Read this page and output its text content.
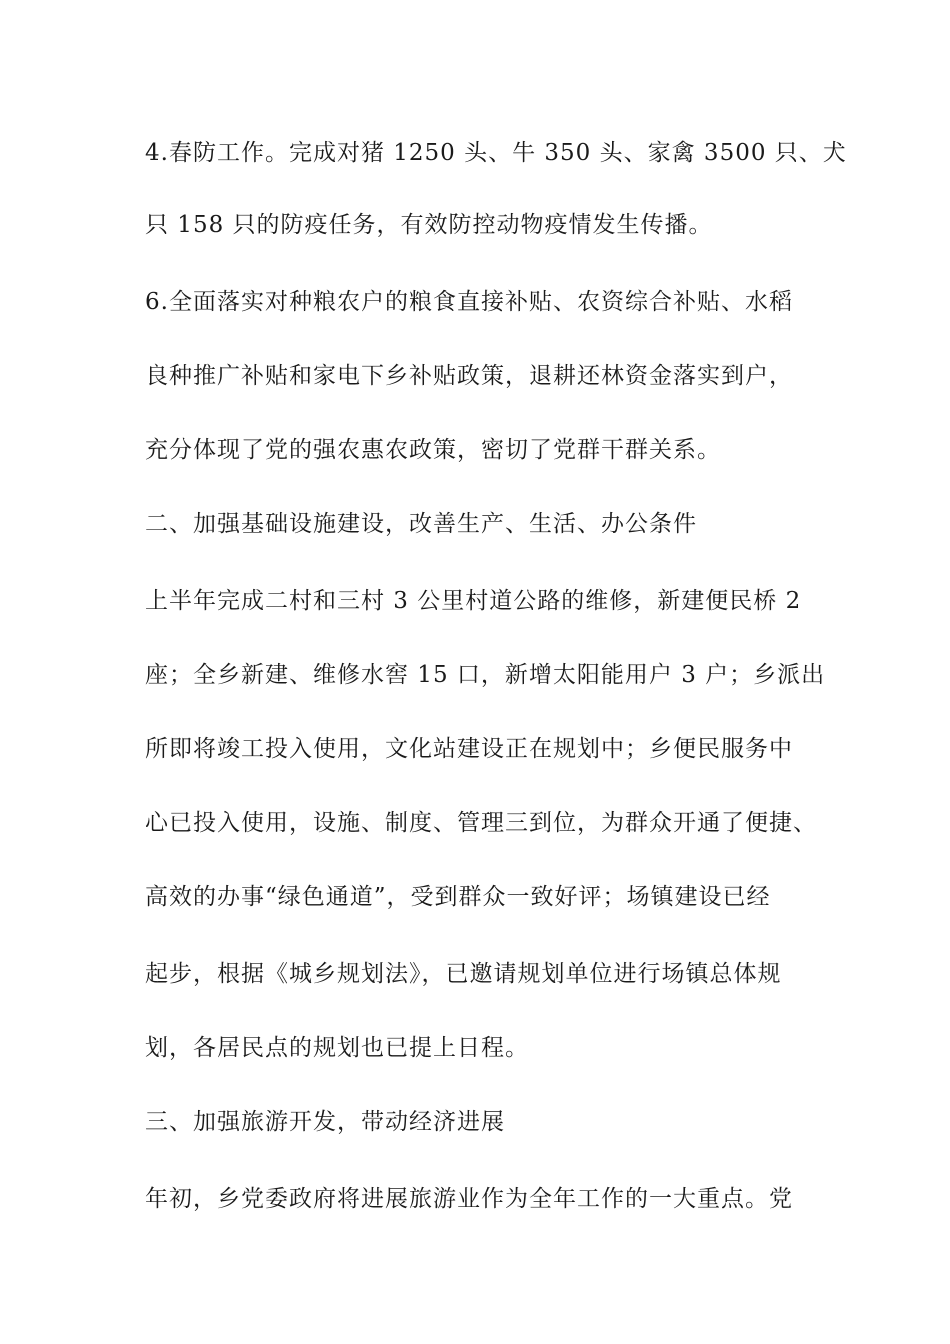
4.春防工作。完成对猪 1250 头、牛 350 头、家禽 3500 只、犬
只 158 只的防疫任务，有效防控动物疫情发生传播。
6.全面落实对种粮农户的粮食直接补贴、农资综合补贴、水稻
良种推广补贴和家电下乡补贴政策，退耕还林资金落实到户，
充分体现了党的强农惠农政策，密切了党群干群关系。
二、加强基础设施建设，改善生产、生活、办公条件
上半年完成二村和三村 3 公里村道公路的维修，新建便民桥 2
座；全乡新建、维修水窖 15 口，新增太阳能用户 3 户；乡派出
所即将竣工投入使用，文化站建设正在规划中；乡便民服务中
心已投入使用，设施、制度、管理三到位，为群众开通了便捷、
高效的办事“绿色通道”，受到群众一致好评；场镇建设已经
起步，根据《城乡规划法》，已邀请规划单位进行场镇总体规
划，各居民点的规划也已提上日程。
三、加强旅游开发，带动经济进展
年初，乡党委政府将进展旅游业作为全年工作的一大重点。党
